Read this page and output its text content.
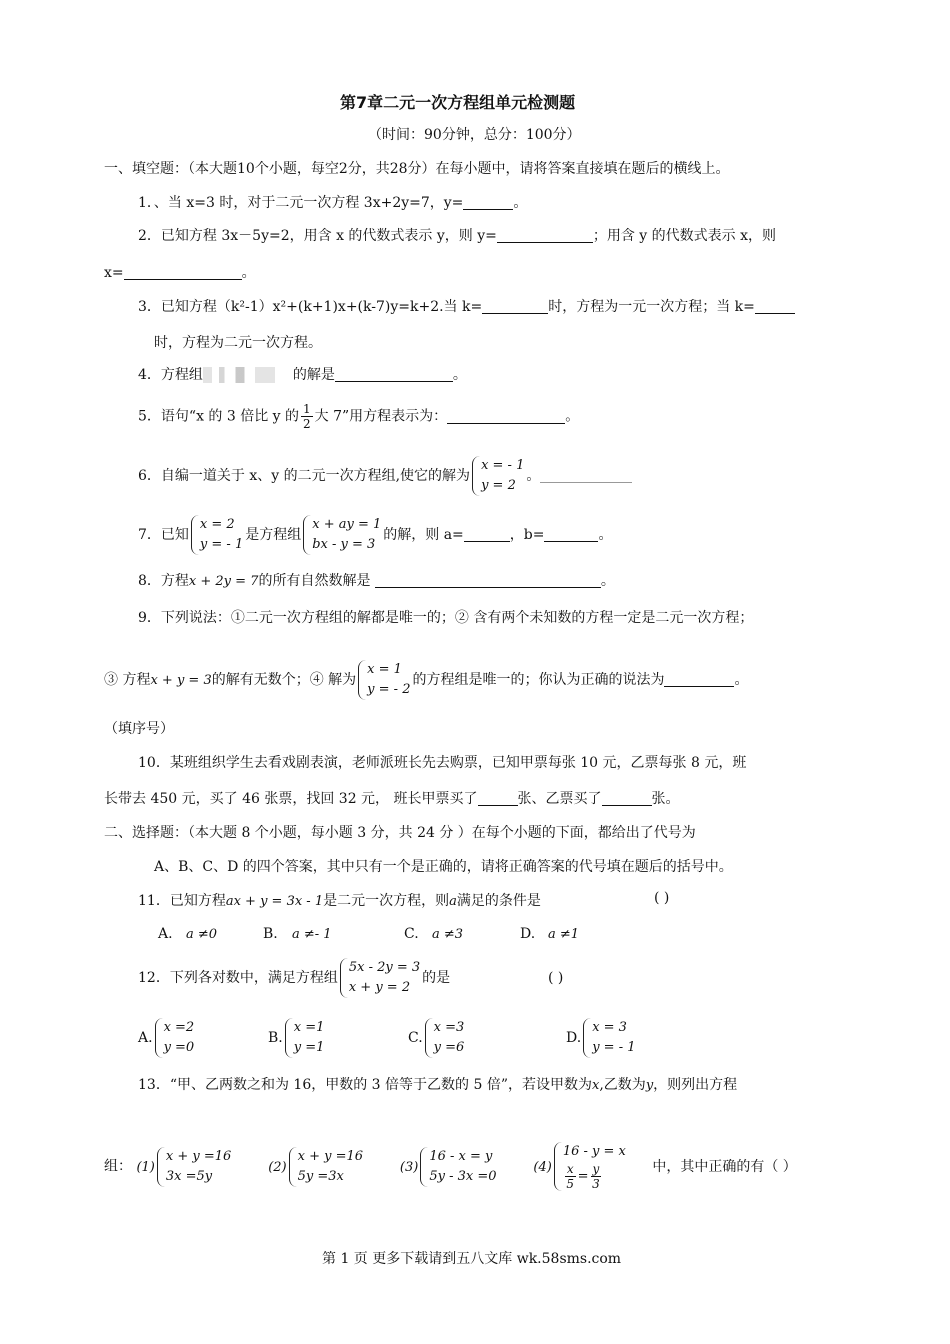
第7章二元一次方程组单元检测题
（时间：90分钟，总分：100分）
一、填空题：（本大题10个小题，每空2分，共28分）在每小题中，请将答案直接填在题后的横线上。
1．、当 x=3 时，对于二元一次方程 3x+2y=7，y=	。
2．已知方程 3x－5y=2，用含 x 的代数式表示 y，则 y=	；用含 y 的代数式表示 x，则
x=	。
3．已知方程（k²-1）x²+(k+1)x+(k-7)y=k+2.当 k=	时，方程为一元一次方程；当 k=
时，方程为二元一次方程。
4．方程组	的解是	。
5．语句“x 的 3 倍比 y 的 $\frac{1}{2}$ 大 7”用方程表示为：	。
6．自编一道关于 x、y 的二元一次方程组,使它的解为
x = - 1
y = 2
。
7．已知
x = 2
y = - 1
是方程组
x + ay = 1
bx - y = 3
的解，则 a=	，b=	。
8．方程x + 2y = 7的所有自然数解是	。
9．下列说法：①二元一次方程组的解都是唯一的；② 含有两个未知数的方程一定是二元一次方程；
③ 方程x + y = 3的解有无数个；④ 解为
x = 1
y = - 2
的方程组是唯一的；你认为正确的说法为	。
（填序号）
10．某班组织学生去看戏剧表演，老师派班长先去购票，已知甲票每张 10 元，乙票每张 8 元，班
长带去 450 元，买了 46 张票，找回 32 元， 班长甲票买了	张、乙票买了	张。
二、选择题：（本大题 8 个小题，每小题 3 分，共 24 分 ）在每个小题的下面，都给出了代号为
A、B、C、D 的四个答案，其中只有一个是正确的，请将正确答案的代号填在题后的括号中。
11．已知方程ax + y = 3x - 1是二元一次方程，则a满足的条件是	( )
A. a ≠0	B. a ≠- 1	C. a ≠3	D. a ≠1
12．下列各对数中，满足方程组
5x - 2y = 3
x + y = 2
的是	( )
A.
x =2
y =0
B.
x =1
y =1
C.
x =3
y =6
D.
x = 3
y = - 1
13．“甲、乙两数之和为 16，甲数的 3 倍等于乙数的 5 倍”，若设甲数为x,乙数为y，则列出方程
组： (1)
x + y =16
3x =5y
(2)
x + y =16
5y =3x
(3)
16 - x = y
5y - 3x =0
(4)
16 - y = x
$\frac{x}{5} = \frac{y}{3}$	中，其中正确的有（ ）
第 1 页 更多下载请到五八文库 wk.58sms.com
